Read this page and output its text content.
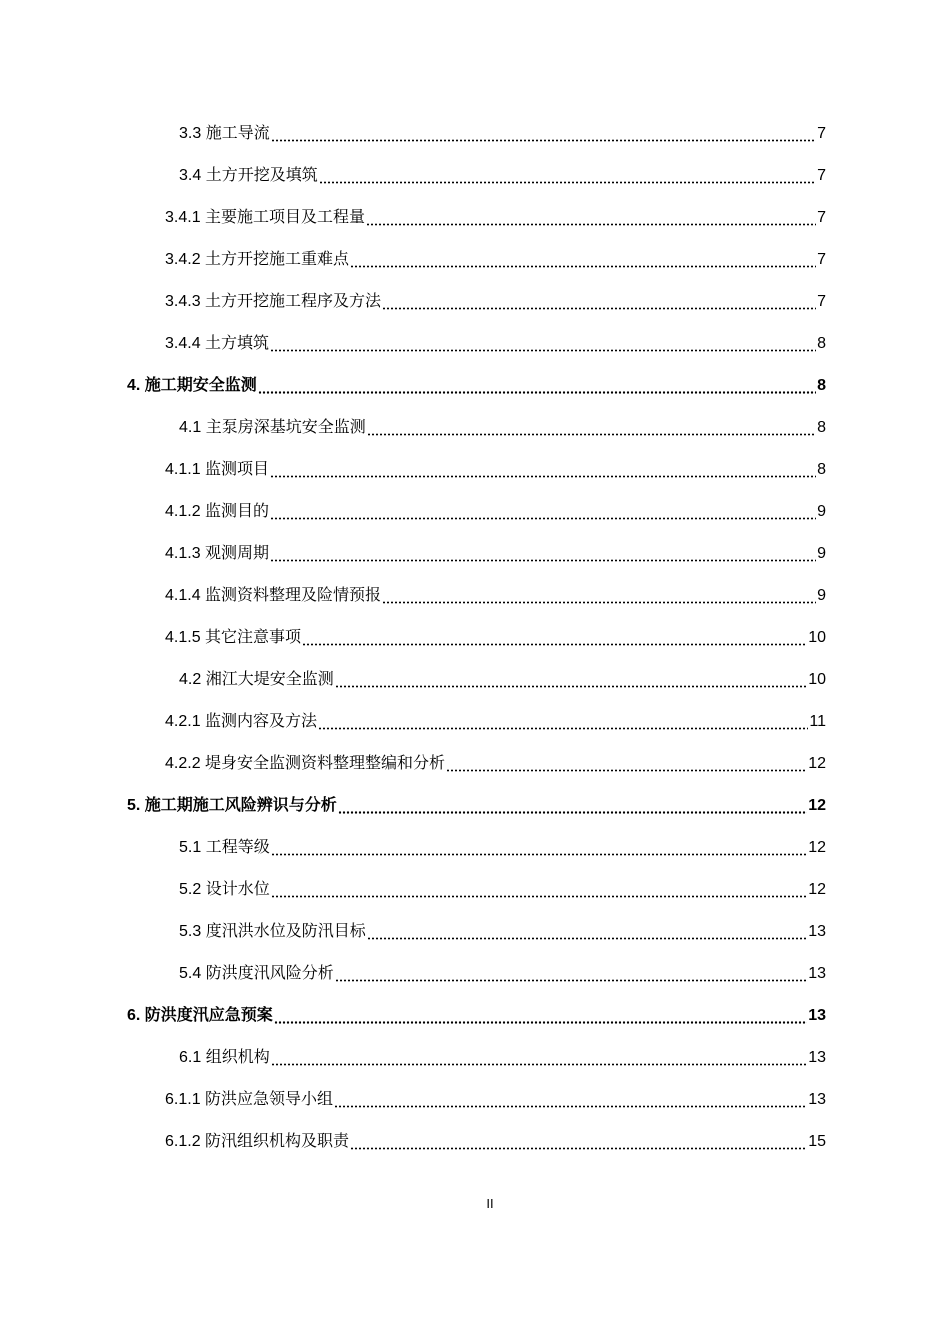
3.3 施工导流	7
3.4 土方开挖及填筑	7
3.4.1 主要施工项目及工程量	7
3.4.2 土方开挖施工重难点	7
3.4.3 土方开挖施工程序及方法	7
3.4.4 土方填筑	8
4. 施工期安全监测	8
4.1 主泵房深基坑安全监测	8
4.1.1 监测项目	8
4.1.2 监测目的	9
4.1.3 观测周期	9
4.1.4 监测资料整理及险情预报	9
4.1.5 其它注意事项	10
4.2 湘江大堤安全监测	10
4.2.1 监测内容及方法	11
4.2.2 堤身安全监测资料整理整编和分析	12
5. 施工期施工风险辨识与分析	12
5.1 工程等级	12
5.2 设计水位	12
5.3 度汛洪水位及防汛目标	13
5.4 防洪度汛风险分析	13
6. 防洪度汛应急预案	13
6.1 组织机构	13
6.1.1 防洪应急领导小组	13
6.1.2 防汛组织机构及职责	15
II
